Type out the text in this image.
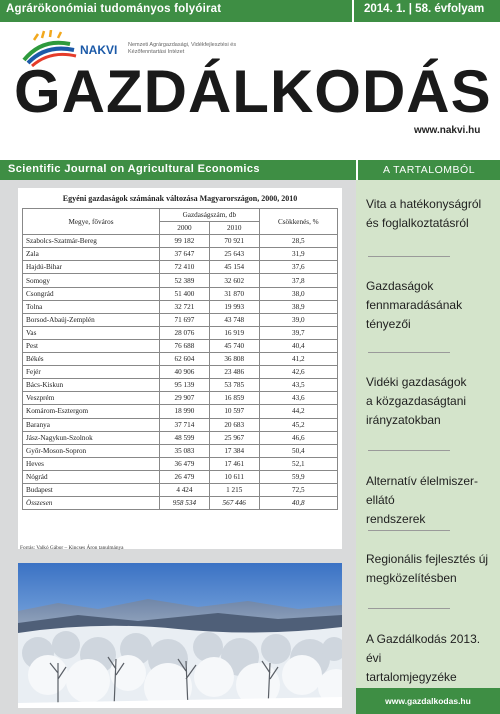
Agrárökonómiai tudományos folyóirat	2014. 1. | 58. évfolyam
NAKVI Nemzeti Agrárgazdasági, Vidékfejlesztési és
Kézőfenntartási Intézet
GAZDÁLKODÁS
www.nakvi.hu
Scientific Journal on Agricultural Economics	A TARTALOMBÓL
Egyéni gazdaságok számának változása Magyarországon, 2000, 2010
Megye, főváros	Gazdaságszám, db		Csökkenés, %
	2000	2010	
Szabolcs-Szatmár-Bereg	99 182	70 921	28,5
Zala	37 647	25 643	31,9
Hajdú-Bihar	72 410	45 154	37,6
Somogy	52 389	32 602	37,8
Csongrád	51 400	31 870	38,0
Tolna	32 721	19 993	38,9
Borsod-Abaúj-Zemplén	71 697	43 748	39,0
Vas	28 076	16 919	39,7
Pest	76 688	45 740	40,4
Békés	62 604	36 808	41,2
Fejér	40 906	23 486	42,6
Bács-Kiskun	95 139	53 785	43,5
Veszprém	29 907	16 859	43,6
Komárom-Esztergom	18 990	10 597	44,2
Baranya	37 714	20 683	45,2
Jász-Nagykun-Szolnok	48 599	25 967	46,6
Győr-Moson-Sopron	35 083	17 384	50,4
Heves	36 479	17 461	52,1
Nógrád	26 479	10 611	59,9
Budapest	4 424	1 215	72,5
Összesen	958 534	567 446	40,8
Forrás: Valkó Gábor – Kincses Áron tanulmánya
Vita a hatékonyságról
és foglalkoztatásról
Gazdaságok
fennmaradásának
tényezői
Vidéki gazdaságok
a közgazdaságtani
irányzatokban
Alternatív élelmiszer-ellátó
rendszerek
Regionális fejlesztés új
megközelítésben
A Gazdálkodás 2013. évi
tartalomjegyzéke
www.gazdalkodas.hu
